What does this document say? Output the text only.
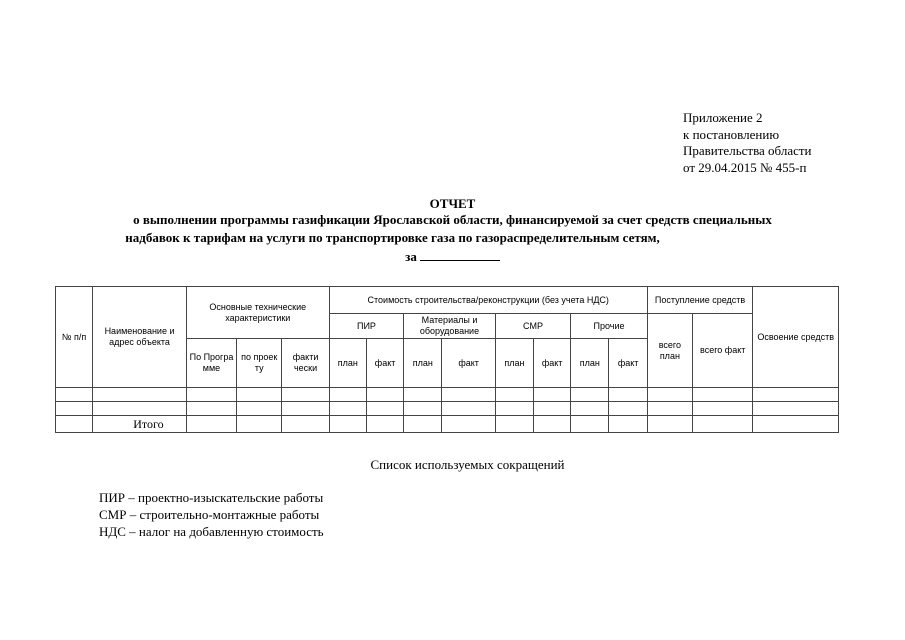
Приложение 2
к постановлению
Правительства области
от 29.04.2015 № 455-п
ОТЧЕТ
о выполнении программы газификации Ярославской области, финансируемой за счет средств специальных
надбавок к тарифам на услуги по транспортировке газа по газораспределительным сетям,
за
№ п/п	Наименование и адрес объекта	Основные технические характеристики			Стоимость строительства/реконструкции (без учета НДС)								Поступление средств		Освоение средств
					ПИР		Материалы и оборудование		СМР		Прочие		всего план	всего факт	
		По Програ мме	по проек ту	факти чески	план	факт	план	факт	план	факт	план	факт			

	Итого														
Список используемых сокращений
ПИР – проектно-изыскательские работы
СМР – строительно-монтажные работы
НДС – налог на добавленную стоимость
